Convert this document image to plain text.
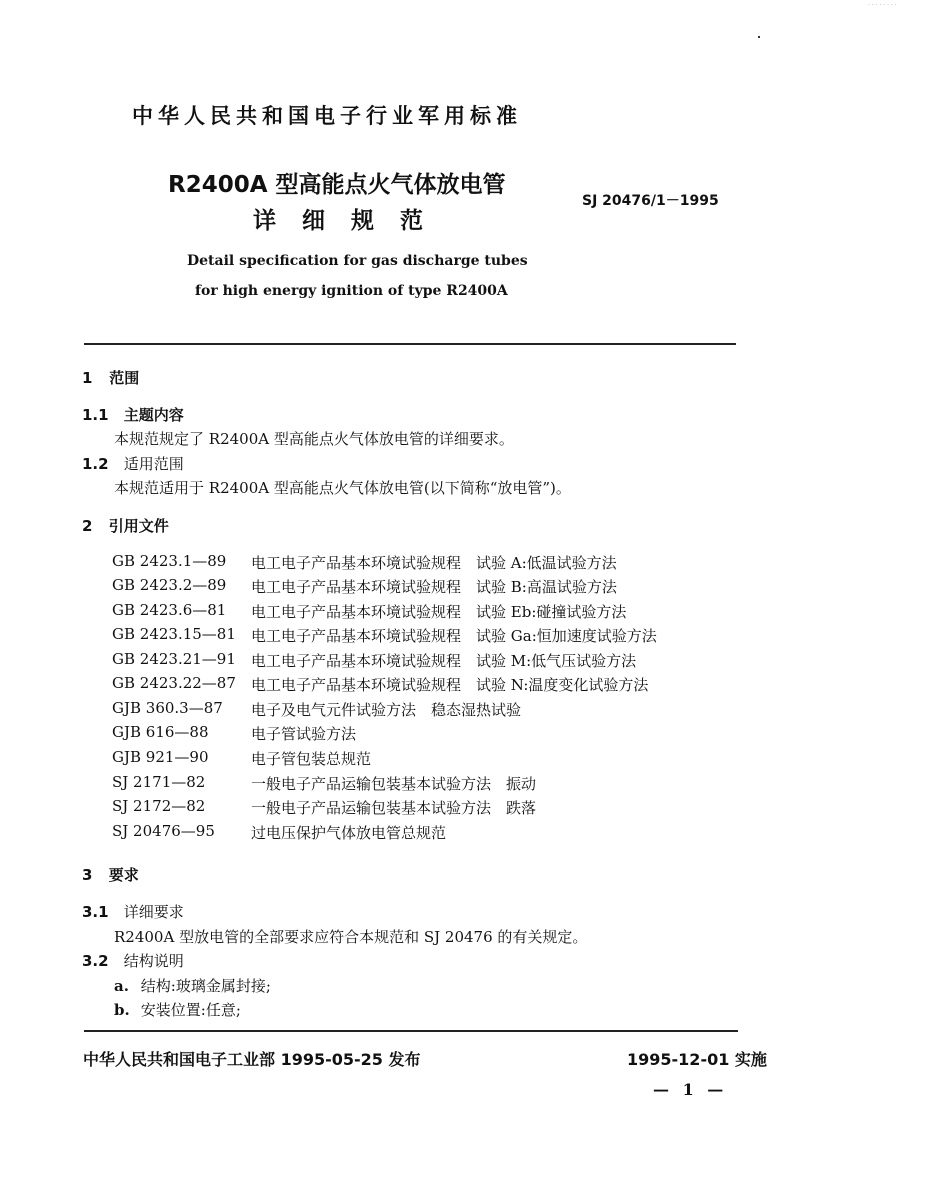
· · · · · · · ·
中华人民共和国电子行业军用标准
R2400A 型高能点火气体放电管
详细规范
SJ 20476/1－1995
Detail specification for gas discharge tubes
for high energy ignition of type R2400A
1 范围
1.1 主题内容
本规范规定了 R2400A 型高能点火气体放电管的详细要求。
1.2 适用范围
本规范适用于 R2400A 型高能点火气体放电管(以下简称“放电管”)。
2 引用文件
GB 2423.1—89 电工电子产品基本环境试验规程　试验 A:低温试验方法
GB 2423.2—89 电工电子产品基本环境试验规程　试验 B:高温试验方法
GB 2423.6—81 电工电子产品基本环境试验规程　试验 Eb:碰撞试验方法
GB 2423.15—81 电工电子产品基本环境试验规程　试验 Ga:恒加速度试验方法
GB 2423.21—91 电工电子产品基本环境试验规程　试验 M:低气压试验方法
GB 2423.22—87 电工电子产品基本环境试验规程　试验 N:温度变化试验方法
GJB 360.3—87 电子及电气元件试验方法　稳态湿热试验
GJB 616—88	电子管试验方法
GJB 921—90	电子管包装总规范
SJ 2171—82	一般电子产品运输包装基本试验方法　振动
SJ 2172—82	一般电子产品运输包装基本试验方法　跌落
SJ 20476—95 过电压保护气体放电管总规范
3 要求
3.1 详细要求
R2400A 型放电管的全部要求应符合本规范和 SJ 20476 的有关规定。
3.2 结构说明
a. 结构:玻璃金属封接;
b. 安装位置:任意;
中华人民共和国电子工业部 1995-05-25 发布	1995-12-01 实施
— 1 —
